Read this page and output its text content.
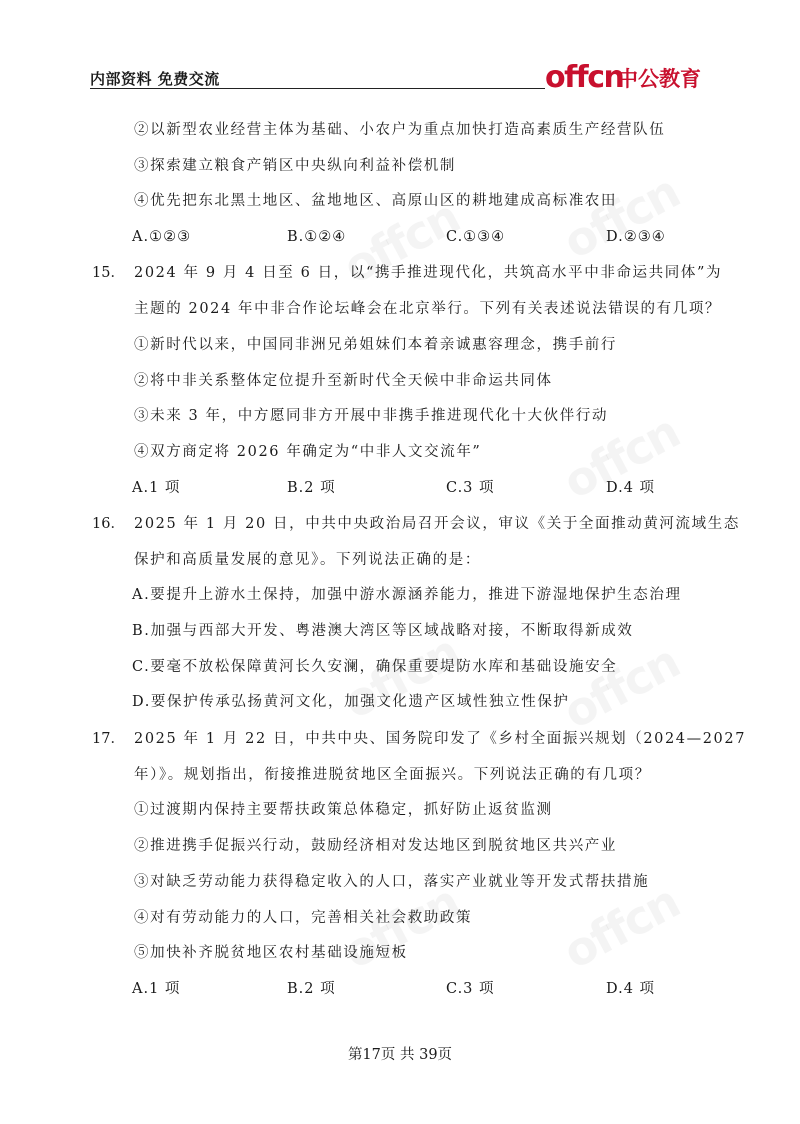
内部资料 免费交流	offcn
中公教育
②以新型农业经营主体为基础、小农户为重点加快打造高素质生产经营队伍
③探索建立粮食产销区中央纵向利益补偿机制
④优先把东北黑土地区、盆地地区、高原山区的耕地建成高标准农田
A.①②③	B.①②④	C.①③④	D.②③④
15． 2024 年 9 月 4 日至 6 日，以“携手推进现代化，共筑高水平中非命运共同体”为
主题的 2024 年中非合作论坛峰会在北京举行。下列有关表述说法错误的有几项？
①新时代以来，中国同非洲兄弟姐妹们本着亲诚惠容理念，携手前行
②将中非关系整体定位提升至新时代全天候中非命运共同体
③未来 3 年，中方愿同非方开展中非携手推进现代化十大伙伴行动
④双方商定将 2026 年确定为“中非人文交流年”
A.1 项	B.2 项	C.3 项	D.4 项
16． 2025 年 1 月 20 日，中共中央政治局召开会议，审议《关于全面推动黄河流域生态
保护和高质量发展的意见》。下列说法正确的是：
A.要提升上游水土保持，加强中游水源涵养能力，推进下游湿地保护生态治理
B.加强与西部大开发、粤港澳大湾区等区域战略对接，不断取得新成效
C.要毫不放松保障黄河长久安澜，确保重要堤防水库和基础设施安全
D.要保护传承弘扬黄河文化，加强文化遗产区域性独立性保护
17． 2025 年 1 月 22 日，中共中央、国务院印发了《乡村全面振兴规划（2024—2027
年）》。规划指出，衔接推进脱贫地区全面振兴。下列说法正确的有几项？
①过渡期内保持主要帮扶政策总体稳定，抓好防止返贫监测
②推进携手促振兴行动，鼓励经济相对发达地区到脱贫地区共兴产业
③对缺乏劳动能力获得稳定收入的人口，落实产业就业等开发式帮扶措施
④对有劳动能力的人口，完善相关社会救助政策
⑤加快补齐脱贫地区农村基础设施短板
A.1 项	B.2 项	C.3 项	D.4 项
第17页 共 39页
